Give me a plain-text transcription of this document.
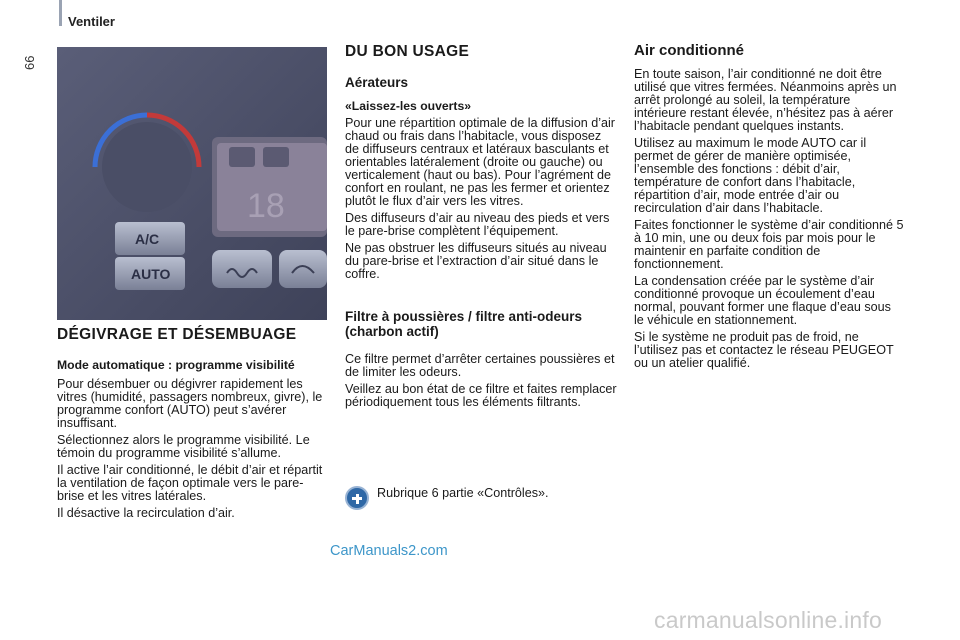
66
Ventiler
18
A/C
AUTO
DÉGIVRAGE ET DÉSEMBUAGE
Mode automatique : programme visibilité

Pour désembuer ou dégivrer rapidement les vitres (humidité, passagers nombreux, givre), le programme confort (AUTO) peut s’avérer insuffisant.

Sélectionnez alors le programme visibilité. Le témoin du programme visibilité s’allume.

Il active l’air conditionné, le débit d’air et répartit la ventilation de façon optimale vers le pare-brise et les vitres latérales.

Il désactive la recirculation d’air.

DU BON USAGE
Aérateurs
«Laissez-les ouverts»

Pour une répartition optimale de la diffusion d’air chaud ou frais dans l’habitacle, vous disposez de diffuseurs centraux et latéraux basculants et orientables latéralement (droite ou gauche) ou verticalement (haut ou bas). Pour l’agrément de confort en roulant, ne pas les fermer et orientez plutôt le flux d’air vers les vitres.

Des diffuseurs d’air au niveau des pieds et vers le pare-brise complètent l’équipement.

Ne pas obstruer les diffuseurs situés au niveau du pare-brise et l’extraction d’air situé dans le coffre.

Filtre à poussières / filtre anti-odeurs (charbon actif)

Ce filtre permet d’arrêter certaines poussières et de limiter les odeurs.

Veillez au bon état de ce filtre et faites remplacer périodiquement tous les éléments filtrants.

Rubrique 6 partie «Contrôles».
Air conditionné

En toute saison, l’air conditionné ne doit être utilisé que vitres fermées. Néanmoins après un arrêt prolongé au soleil, la température intérieure restant élevée, n’hésitez pas à aérer l’habitacle pendant quelques instants.

Utilisez au maximum le mode AUTO car il permet de gérer de manière optimisée, l’ensemble des fonctions : débit d’air, température de confort dans l’habitacle, répartition d’air, mode entrée d’air ou recirculation d’air dans l’habitacle.

Faites fonctionner le système d’air conditionné 5 à 10 min, une ou deux fois par mois pour le maintenir en parfaite condition de fonctionnement.

La condensation créée par le système d’air conditionné provoque un écoulement d’eau normal, pouvant former une flaque d’eau sous le véhicule en stationnement.

Si le système ne produit pas de froid, ne l’utilisez pas et contactez le réseau PEUGEOT ou un atelier qualifié.

CarManuals2.com
carmanualsonline.info
